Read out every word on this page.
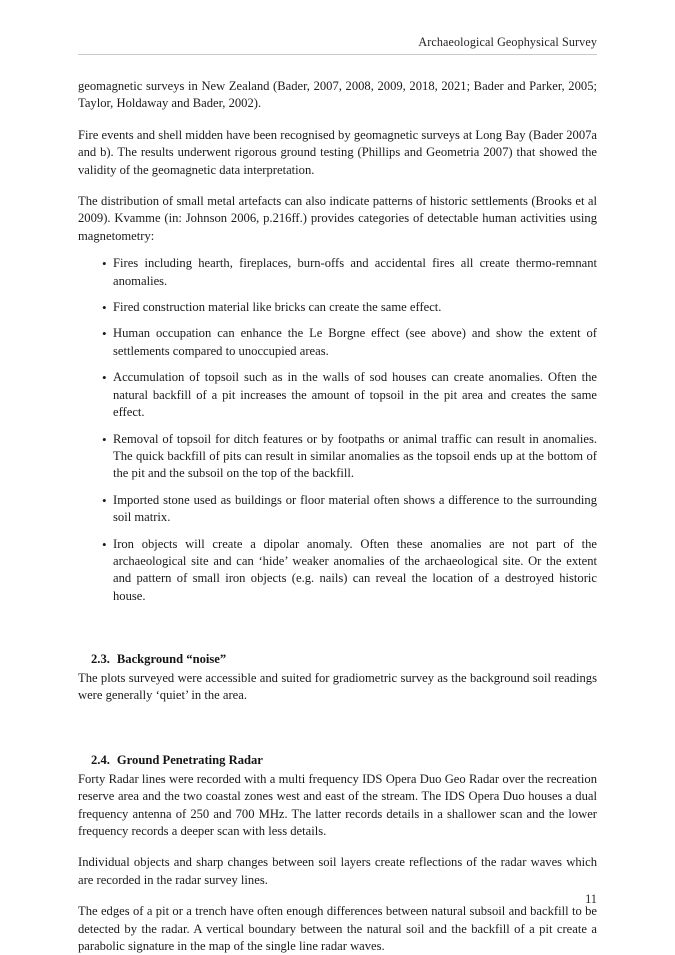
Archaeological Geophysical Survey

geomagnetic surveys in New Zealand (Bader, 2007, 2008, 2009, 2018, 2021; Bader and Parker, 2005; Taylor, Holdaway and Bader, 2002).

Fire events and shell midden have been recognised by geomagnetic surveys at Long Bay (Bader 2007a and b). The results underwent rigorous ground testing (Phillips and Geometria 2007) that showed the validity of the geomagnetic data interpretation.

The distribution of small metal artefacts can also indicate patterns of historic settlements (Brooks et al 2009). Kvamme (in: Johnson 2006, p.216ff.) provides categories of detectable human activities using magnetometry:

• Fires including hearth, fireplaces, burn-offs and accidental fires all create thermo-remnant anomalies.
• Fired construction material like bricks can create the same effect.
• Human occupation can enhance the Le Borgne effect (see above) and show the extent of settlements compared to unoccupied areas.
• Accumulation of topsoil such as in the walls of sod houses can create anomalies. Often the natural backfill of a pit increases the amount of topsoil in the pit area and creates the same effect.
• Removal of topsoil for ditch features or by footpaths or animal traffic can result in anomalies. The quick backfill of pits can result in similar anomalies as the topsoil ends up at the bottom of the pit and the subsoil on the top of the backfill.
• Imported stone used as buildings or floor material often shows a difference to the surrounding soil matrix.
• Iron objects will create a dipolar anomaly. Often these anomalies are not part of the archaeological site and can ‘hide’ weaker anomalies of the archaeological site. Or the extent and pattern of small iron objects (e.g. nails) can reveal the location of a destroyed historic house.
2.3. Background “noise”

The plots surveyed were accessible and suited for gradiometric survey as the background soil readings were generally ‘quiet’ in the area.

2.4. Ground Penetrating Radar

Forty Radar lines were recorded with a multi frequency IDS Opera Duo Geo Radar over the recreation reserve area and the two coastal zones west and east of the stream. The IDS Opera Duo houses a dual frequency antenna of 250 and 700 MHz. The latter records details in a shallower scan and the lower frequency records a deeper scan with less details.

Individual objects and sharp changes between soil layers create reflections of the radar waves which are recorded in the radar survey lines.

The edges of a pit or a trench have often enough differences between natural subsoil and backfill to be detected by the radar. A vertical boundary between the natural soil and the backfill of a pit create a parabolic signature in the map of the single line radar waves.

11
